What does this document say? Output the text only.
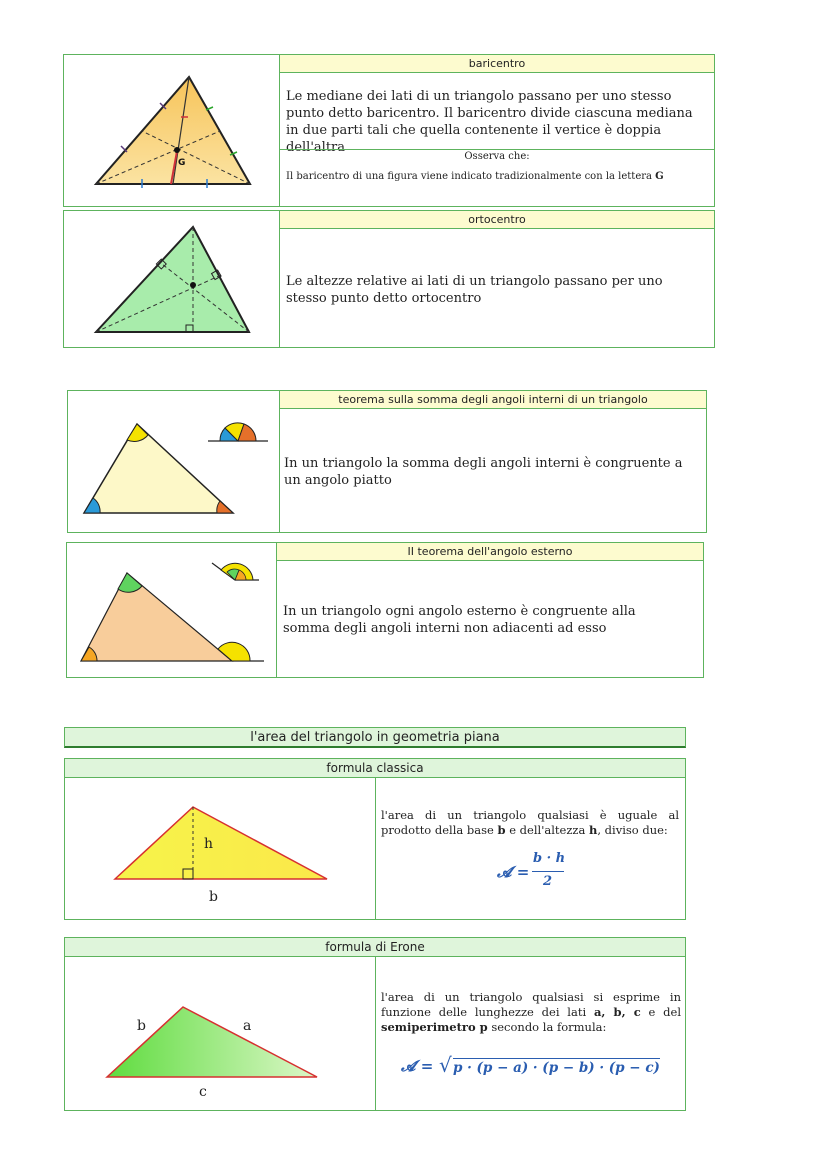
G
baricentro
Le mediane dei lati di un triangolo passano per uno stesso punto detto baricentro. Il baricentro divide ciascuna mediana in due parti tali che quella contenente il vertice è doppia dell'altra
Osserva che:
Il baricentro di una figura viene indicato tradizionalmente con la lettera G
ortocentro
Le altezze relative ai lati di un triangolo passano per uno stesso punto detto ortocentro
teorema sulla somma degli angoli interni di un triangolo
In un triangolo la somma degli angoli interni è congruente a un angolo piatto
II teorema dell'angolo esterno
In un triangolo ogni angolo esterno è congruente alla somma degli angoli interni non adiacenti ad esso
l'area del triangolo in geometria piana
formula classica
h
b
l'area di un triangolo qualsiasi è uguale al prodotto della base b e dell'altezza h, diviso due:
𝓐 =
b · h
2
formula di Erone
b	a
c
l'area di un triangolo qualsiasi si esprime in funzione delle lunghezze dei lati a, b, c e del semiperimetro p secondo la formula:
𝓐 = √ p · (p − a) · (p − b) · (p − c)
